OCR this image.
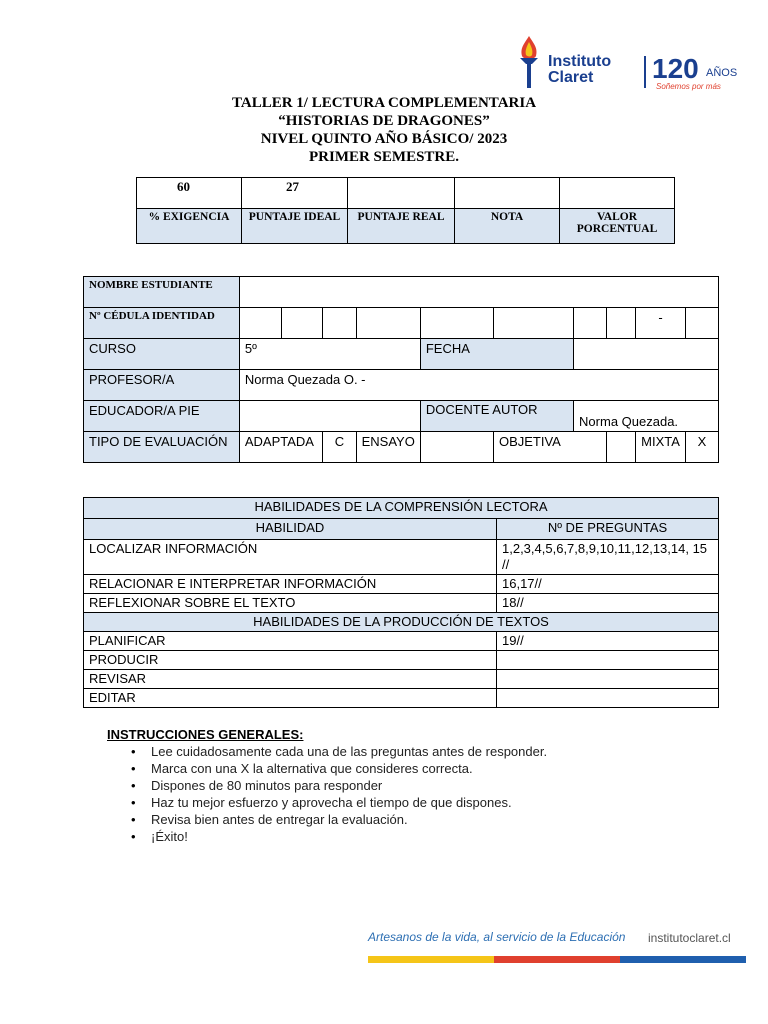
Instituto
Claret	120 AÑOS
Soñemos por más
TALLER 1/ LECTURA COMPLEMENTARIA
“HISTORIAS DE DRAGONES”
NIVEL QUINTO AÑO BÁSICO/ 2023
PRIMER SEMESTRE.
60	27			
% EXIGENCIA	PUNTAJE IDEAL	PUNTAJE REAL	NOTA	VALOR PORCENTUAL
NOMBRE ESTUDIANTE										
Nº CÉDULA IDENTIDAD									-	
CURSO	5º				FECHA					
PROFESOR/A	Norma Quezada O. -									
EDUCADOR/A PIE					DOCENTE AUTOR		Norma Quezada.			
TIPO DE EVALUACIÓN	ADAPTADA		C	ENSAYO		OBJETIVA			MIXTA	X
HABILIDADES DE LA COMPRENSIÓN LECTORA	
HABILIDAD	Nº DE PREGUNTAS
LOCALIZAR INFORMACIÓN	1,2,3,4,5,6,7,8,9,10,11,12,13,14, 15 //
RELACIONAR E INTERPRETAR INFORMACIÓN	16,17//
REFLEXIONAR SOBRE EL TEXTO	18//
HABILIDADES DE LA PRODUCCIÓN DE TEXTOS	
PLANIFICAR	19//
PRODUCIR	
REVISAR	
EDITAR	
INSTRUCCIONES GENERALES:
• Lee cuidadosamente cada una de las preguntas antes de responder.
• Marca con una X la alternativa que consideres correcta.
• Dispones de 80 minutos para responder
• Haz tu mejor esfuerzo y aprovecha el tiempo de que dispones.
• Revisa bien antes de entregar la evaluación.
• ¡Éxito!
Artesanos de la vida, al servicio de la Educación institutoclaret.cl
